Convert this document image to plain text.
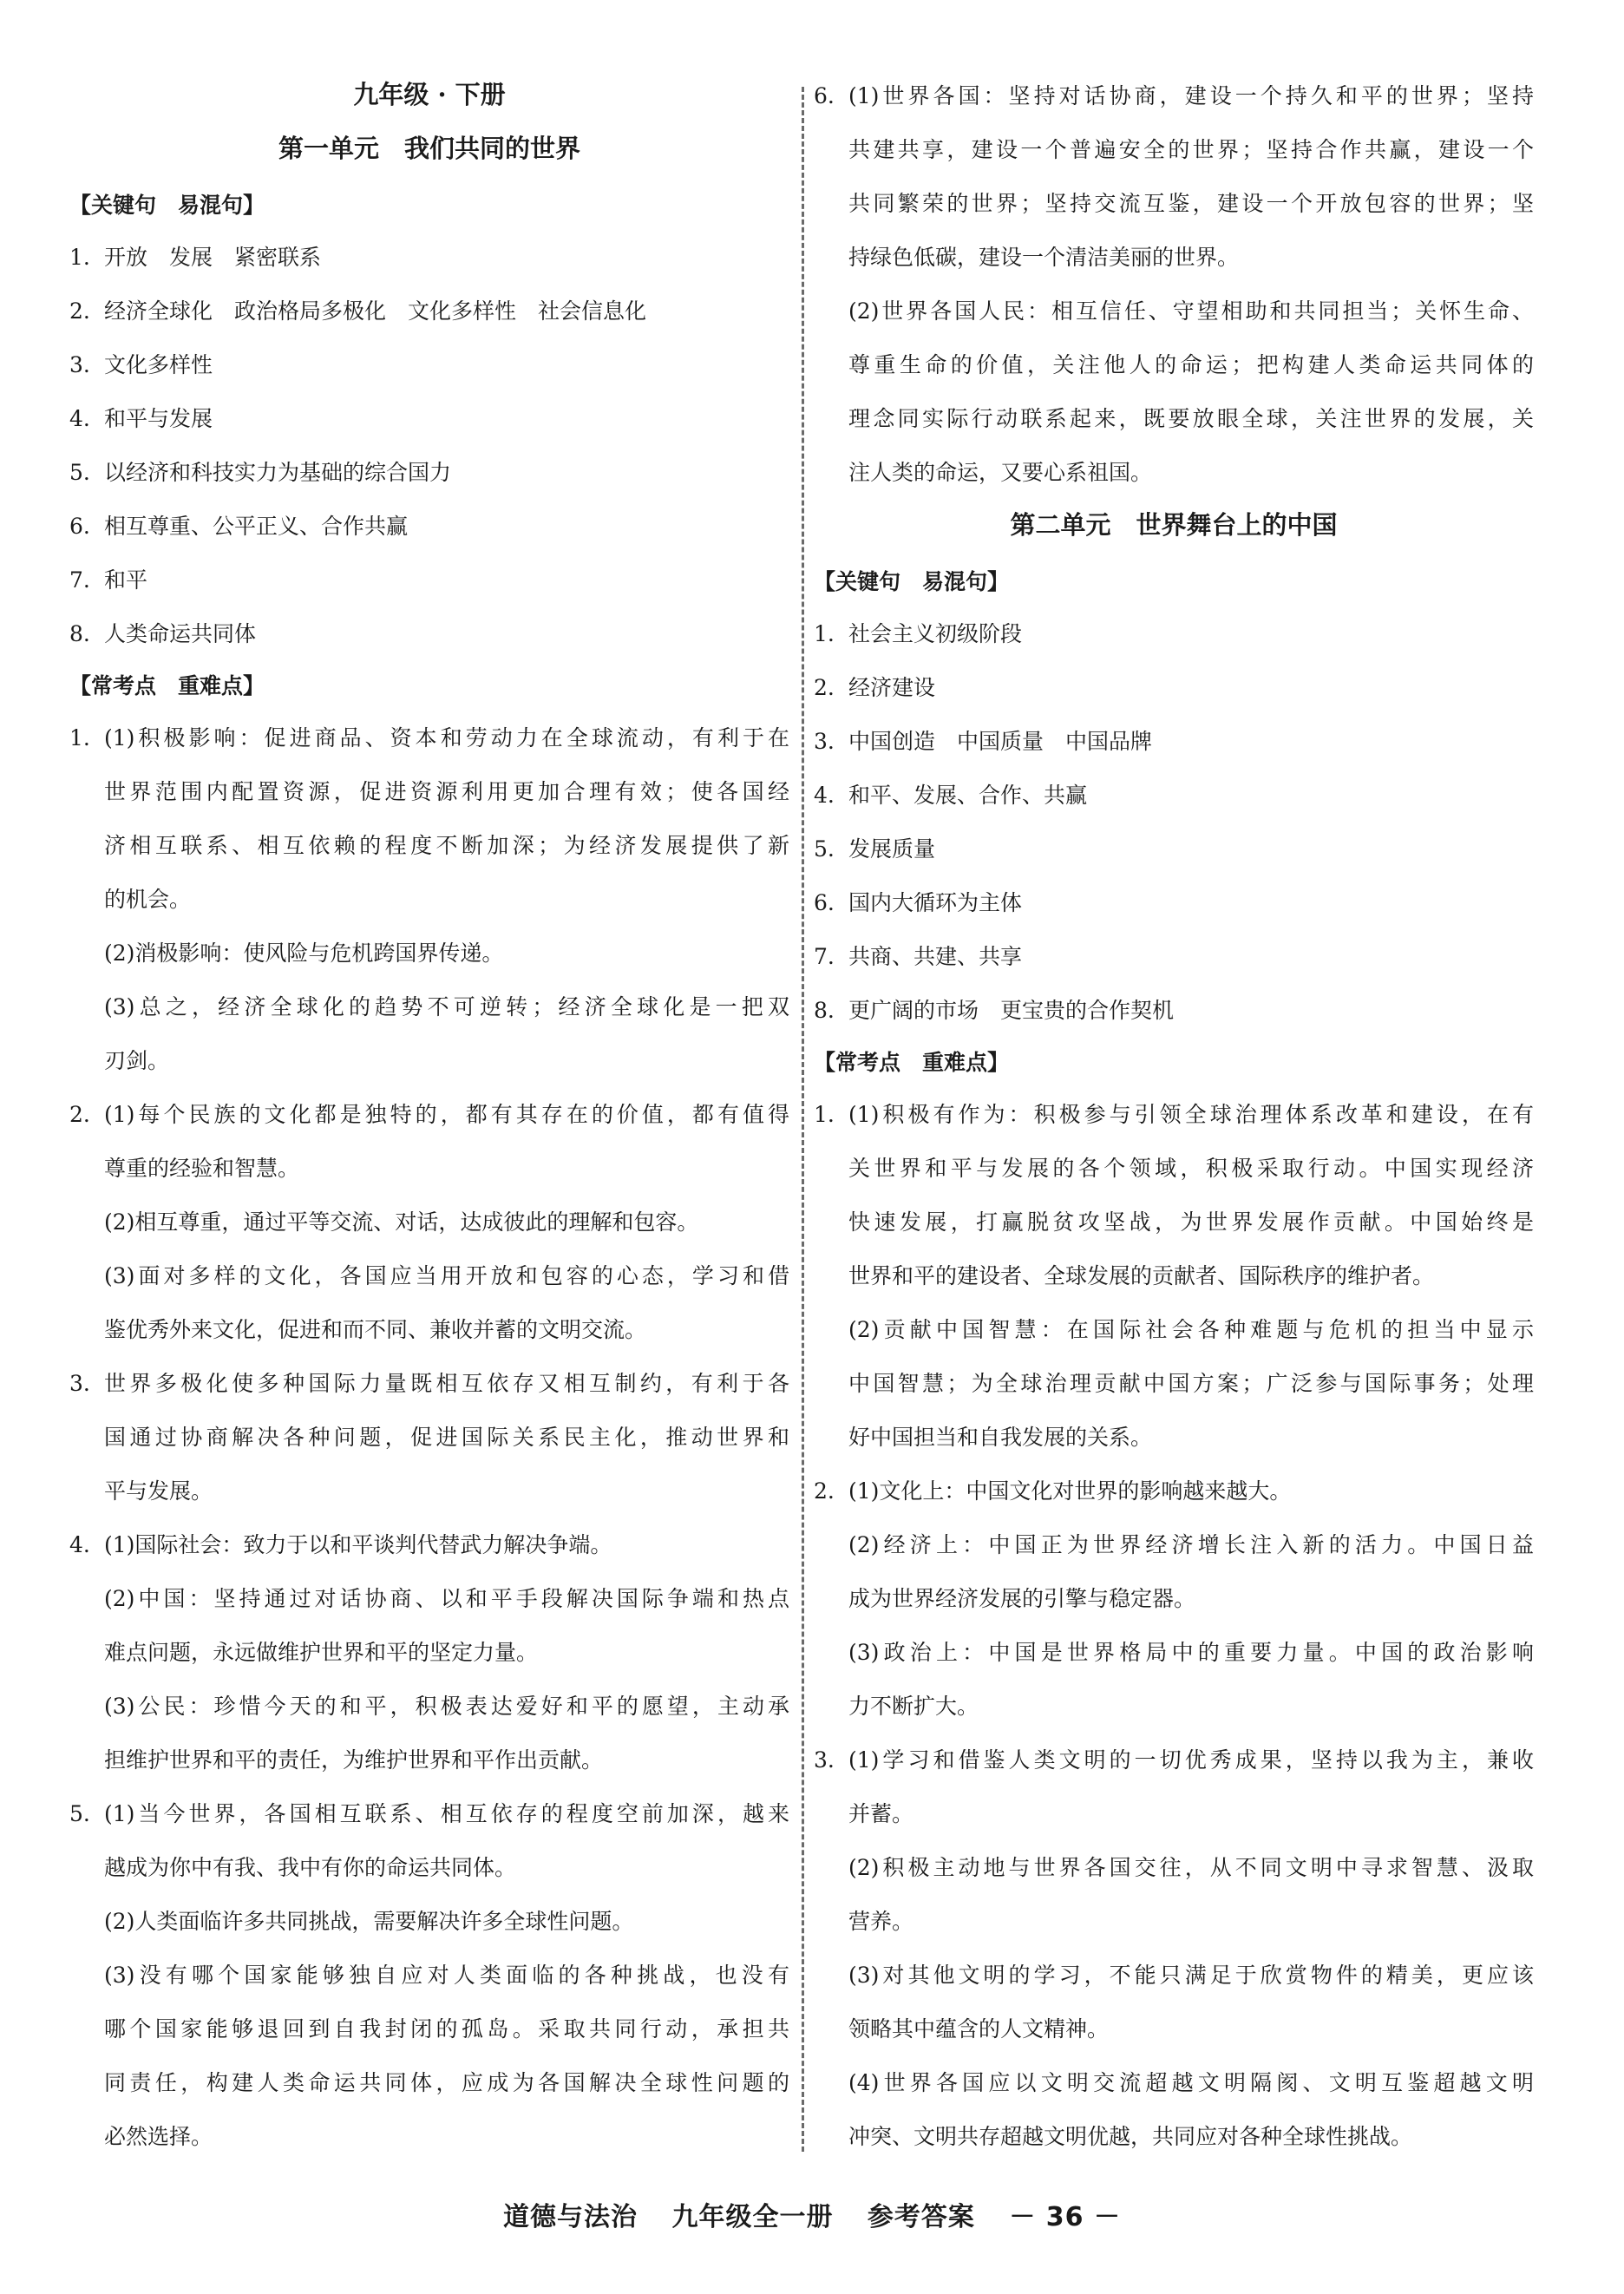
九年级 · 下册
第一单元　我们共同的世界
【关键句　易混句】
1. 开放　发展　紧密联系
2. 经济全球化　政治格局多极化　文化多样性　社会信息化
3. 文化多样性
4. 和平与发展
5. 以经济和科技实力为基础的综合国力
6. 相互尊重、公平正义、合作共赢
7. 和平
8. 人类命运共同体
【常考点　重难点】
1. (1)积极影响：促进商品、资本和劳动力在全球流动，有利于在
世界范围内配置资源，促进资源利用更加合理有效；使各国经
济相互联系、相互依赖的程度不断加深；为经济发展提供了新
的机会。
(2)消极影响：使风险与危机跨国界传递。
(3)总之，经济全球化的趋势不可逆转；经济全球化是一把双
刃剑。
2. (1)每个民族的文化都是独特的，都有其存在的价值，都有值得
尊重的经验和智慧。
(2)相互尊重，通过平等交流、对话，达成彼此的理解和包容。
(3)面对多样的文化，各国应当用开放和包容的心态，学习和借
鉴优秀外来文化，促进和而不同、兼收并蓄的文明交流。
3. 世界多极化使多种国际力量既相互依存又相互制约，有利于各
国通过协商解决各种问题，促进国际关系民主化，推动世界和
平与发展。
4. (1)国际社会：致力于以和平谈判代替武力解决争端。
(2)中国：坚持通过对话协商、以和平手段解决国际争端和热点
难点问题，永远做维护世界和平的坚定力量。
(3)公民：珍惜今天的和平，积极表达爱好和平的愿望，主动承
担维护世界和平的责任，为维护世界和平作出贡献。
5. (1)当今世界，各国相互联系、相互依存的程度空前加深，越来
越成为你中有我、我中有你的命运共同体。
(2)人类面临许多共同挑战，需要解决许多全球性问题。
(3)没有哪个国家能够独自应对人类面临的各种挑战，也没有
哪个国家能够退回到自我封闭的孤岛。采取共同行动，承担共
同责任，构建人类命运共同体，应成为各国解决全球性问题的
必然选择。
6. (1)世界各国：坚持对话协商，建设一个持久和平的世界；坚持
共建共享，建设一个普遍安全的世界；坚持合作共赢，建设一个
共同繁荣的世界；坚持交流互鉴，建设一个开放包容的世界；坚
持绿色低碳，建设一个清洁美丽的世界。
(2)世界各国人民：相互信任、守望相助和共同担当；关怀生命、
尊重生命的价值，关注他人的命运；把构建人类命运共同体的
理念同实际行动联系起来，既要放眼全球，关注世界的发展，关
注人类的命运，又要心系祖国。
第二单元　世界舞台上的中国
【关键句　易混句】
1. 社会主义初级阶段
2. 经济建设
3. 中国创造　中国质量　中国品牌
4. 和平、发展、合作、共赢
5. 发展质量
6. 国内大循环为主体
7. 共商、共建、共享
8. 更广阔的市场　更宝贵的合作契机
【常考点　重难点】
1. (1)积极有作为：积极参与引领全球治理体系改革和建设，在有
关世界和平与发展的各个领域，积极采取行动。中国实现经济
快速发展，打赢脱贫攻坚战，为世界发展作贡献。中国始终是
世界和平的建设者、全球发展的贡献者、国际秩序的维护者。
(2)贡献中国智慧：在国际社会各种难题与危机的担当中显示
中国智慧；为全球治理贡献中国方案；广泛参与国际事务；处理
好中国担当和自我发展的关系。
2. (1)文化上：中国文化对世界的影响越来越大。
(2)经济上：中国正为世界经济增长注入新的活力。中国日益
成为世界经济发展的引擎与稳定器。
(3)政治上：中国是世界格局中的重要力量。中国的政治影响
力不断扩大。
3. (1)学习和借鉴人类文明的一切优秀成果，坚持以我为主，兼收
并蓄。
(2)积极主动地与世界各国交往，从不同文明中寻求智慧、汲取
营养。
(3)对其他文明的学习，不能只满足于欣赏物件的精美，更应该
领略其中蕴含的人文精神。
(4)世界各国应以文明交流超越文明隔阂、文明互鉴超越文明
冲突、文明共存超越文明优越，共同应对各种全球性挑战。
道德与法治 九年级全一册 参考答案 － 36 －
